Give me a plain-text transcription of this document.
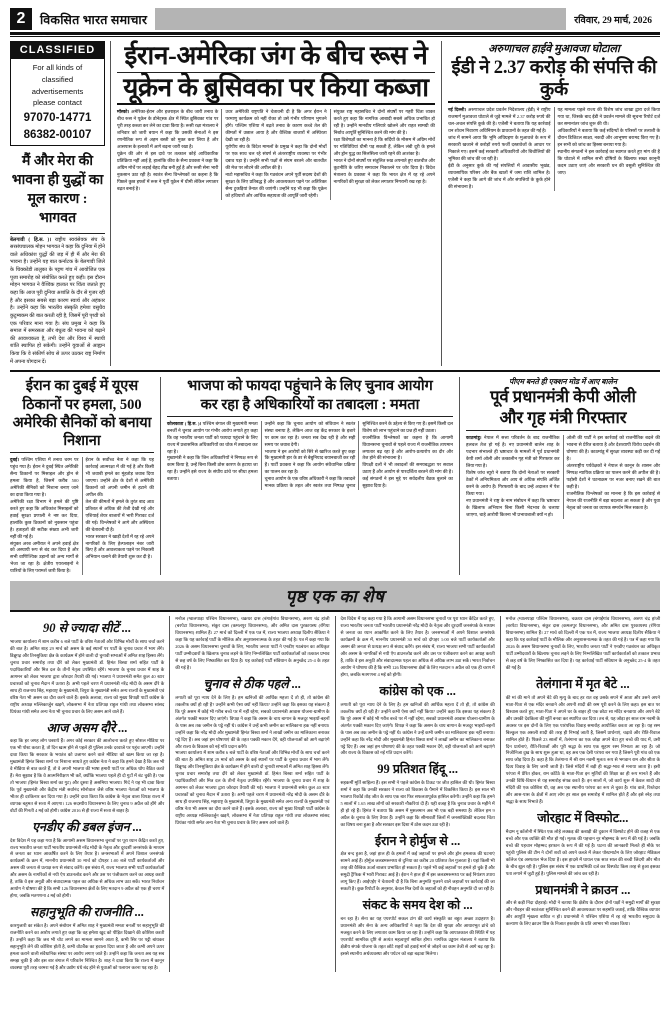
2	विकसित भारत समाचार	रविवार, 29 मार्च, 2026
CLASSIFIED
For all kinds of
classified
advertisements
please contact
97070-14771
86382-00107
मैं और मेरा की भावना ही युद्धों का मूल कारण : भागवत
बेलगावी ( हि.स. )। राष्ट्रीय स्वयंसेवक संघ के सरसंघचालक मोहन भागवत ने कहा कि दुनिया में होने वाले अधिकांश युद्धों की जड़ में ही मैं और मेरा की भावना है। उन्होंने यह बात कर्नाटक के बेलगावी जिले के चिक्कोडी तालुका के पट्टण गांव में आयोजित एक पूजा समारोह को संबोधित करते हुए कही। इस दौरान मोहन भागवत ने वैश्विक हालात पर चिंता जताते हुए कहा कि आज पूरी दुनिया अशांति के दौर से गुजर रही है और इसका सबसे बड़ा कारण स्वार्थ और अहंकार है। उन्होंने कहा कि भारतीय संस्कृति हमेशा वसुधैव कुटुम्बकम की बात करती रही है, जिसमें पूरी पृथ्वी को एक परिवार माना गया है। संघ प्रमुख ने कहा कि समाज में समरसता और बंधुत्व की भावना को बढ़ाने की आवश्यकता है, तभी देश और विश्व में स्थायी शांति स्थापित हो सकेगी। उन्होंने युवाओं से आह्वान किया कि वे संकीर्ण सोच से ऊपर उठकर राष्ट्र निर्माण में अपना योगदान दें।
ईरान-अमेरिका जंग के बीच रूस ने
यूक्रेन के ब्रुसिवका पर किया कब्जा

मॉस्को। अमेरिका-ईरान और इजराइल के बीच जारी तनाव के बीच रूस ने यूक्रेन के डोनेट्स्क क्षेत्र में स्थित ब्रुसिवका गांव पर पूरी तरह कब्जा कर लेने का दावा किया है। रूसी रक्षा मंत्रालय ने शनिवार को जारी बयान में कहा कि उसकी सेनाओं ने इस रणनीतिक रूप से अहम बस्ती को मुक्त करा लिया है और आसपास के इलाकों में आगे बढ़ना जारी रखा है।

यूक्रेन की ओर से इस दावे पर तत्काल कोई आधिकारिक प्रतिक्रिया नहीं आई है, हालांकि कीव के सैन्य प्रवक्ता ने कहा कि अग्रिम मोर्चे पर लड़ाई बेहद तीव्र बनी हुई है और रूसी सेना भारी नुकसान उठा रही है। स्वतंत्र सैन्य विश्लेषकों का कहना है कि पिछले कुछ हफ्तों में रूस ने पूर्वी यूक्रेन में धीमी लेकिन लगातार बढ़त बनाई है।

उधर अमेरिकी राष्ट्रपति ने चेतावनी दी है कि अगर ईरान ने परमाणु कार्यक्रम को नहीं रोका तो उसे गंभीर परिणाम भुगतने होंगे। पश्चिम एशिया में बढ़ते तनाव के कारण कच्चे तेल की कीमतों में उछाल आया है और वैश्विक बाजारों में अस्थिरता देखी जा रही है।

यूरोपीय संघ के विदेश मामलों के प्रमुख ने कहा कि दोनों मोर्चों पर एक साथ चल रहे संघर्ष से अंतरराष्ट्रीय व्यवस्था पर गंभीर दबाव पड़ा है। उन्होंने सभी पक्षों से संयम बरतने और बातचीत की मेज पर लौटने की अपील की है।

नाटो महासचिव ने कहा कि गठबंधन अपने पूर्वी सदस्य देशों की सुरक्षा के लिए प्रतिबद्ध है और आवश्यकता पड़ने पर अतिरिक्त सैन्य टुकड़ियां तैनात की जाएंगी। उन्होंने यह भी कहा कि यूक्रेन को हथियारों और आर्थिक सहायता की आपूर्ति जारी रहेगी।

संयुक्त राष्ट्र महासचिव ने दोनों संघर्षों पर गहरी चिंता व्यक्त करते हुए कहा कि नागरिक आबादी सबसे अधिक प्रभावित हो रही है। उन्होंने मानवीय गलियारे खोलने और राहत सामग्री की निर्बाध आपूर्ति सुनिश्चित करने की मांग की है।

रक्षा विशेषज्ञों का मानना है कि सर्दियों के मौसम में अग्रिम मोर्चे पर गतिविधियां धीमी पड़ सकती हैं, लेकिन लंबी दूरी के हमले और ड्रोन युद्ध का सिलसिला जारी रहने की आशंका है।

भारत ने दोनों संघर्षों पर संतुलित रुख अपनाते हुए बातचीत और कूटनीति के जरिए समाधान निकालने पर जोर दिया है। विदेश मंत्रालय के प्रवक्ता ने कहा कि भारत क्षेत्र में रह रहे अपने नागरिकों की सुरक्षा को लेकर लगातार निगरानी रख रहा है।

अरुणाचल हाईवे मुआवजा घोटाला
ईडी ने 2.37 करोड़ की संपत्ति की कुर्क

नई दिल्ली। अरुणाचल प्रदेश प्रवर्तन निदेशालय (ईडी) ने राष्ट्रीय राजमार्ग मुआवजा घोटाले से जुड़े मामले में 2.37 करोड़ रुपये की चल-अचल संपत्ति कुर्क की है। एजेंसी ने बताया कि यह कार्रवाई धन शोधन निवारण अधिनियम के प्रावधानों के तहत की गई है।

जांच में सामने आया कि भूमि अधिग्रहण के मुआवजे के रूप में सरकारी खजाने से करोड़ों रुपये फर्जी दस्तावेजों के आधार पर निकाले गए। इसमें कई सरकारी अधिकारियों और बिचौलियों की भूमिका की जांच की जा रही है।

ईडी के अनुसार कुर्क की गई संपत्तियों में आवासीय भूखंड, व्यावसायिक परिसर और बैंक खातों में जमा राशि शामिल है। एजेंसी ने कहा कि आगे की जांच में और संपत्तियों के कुर्क होने की संभावना है।

यह मामला पहले राज्य की विशेष जांच शाखा द्वारा दर्ज किया गया था, जिसके बाद ईडी ने प्रवर्तन मामले की सूचना रिपोर्ट दर्ज कर समानांतर जांच शुरू की थी।

अधिकारियों ने बताया कि कई संदिग्धों के परिसरों पर तलाशी के दौरान डिजिटल साक्ष्य, नकदी और आभूषण बरामद किए गए हैं। इन सभी को जांच का हिस्सा बनाया गया है।

स्थानीय संगठनों ने इस कार्रवाई का स्वागत करते हुए मांग की है कि घोटाले में शामिल सभी दोषियों के खिलाफ सख्त कानूनी कदम उठाए जाएं और सरकारी धन की वसूली सुनिश्चित की जाए।

ईरान का दुबई में यूएस ठिकानों पर हमला, 500 अमेरिकी सैनिकों को बनाया निशाना

दुबई। पश्चिम एशिया में तनाव चरम पर पहुंच गया है। ईरान ने दुबई स्थित अमेरिकी सैन्य ठिकानों पर मिसाइल और ड्रोन से हमला किया है, जिसमें करीब 500 अमेरिकी सैनिकों को निशाना बनाए जाने का दावा किया गया है।

अमेरिकी रक्षा विभाग ने हमले की पुष्टि करते हुए कहा कि अधिकांश मिसाइलों को हवाई सुरक्षा प्रणाली ने नष्ट कर दिया, हालांकि कुछ ठिकानों को नुकसान पहुंचा है। हताहतों की सटीक संख्या अभी जारी नहीं की गई है।

संयुक्त अरब अमीरात ने अपने हवाई क्षेत्र को अस्थायी रूप से बंद कर दिया है और सभी वाणिज्यिक उड़ानों को अन्य मार्गों से भेजा जा रहा है। क्षेत्रीय एयरलाइनों ने यात्रियों के लिए परामर्श जारी किया है।

ईरान के सर्वोच्च नेता ने कहा कि यह कार्रवाई आत्मरक्षा में की गई है और किसी भी जवाबी हमले का मुंहतोड़ जवाब दिया जाएगा। उन्होंने क्षेत्र के देशों से अमेरिकी ठिकानों को अपनी जमीन से हटाने की अपील की।

तेल की कीमतों में हमले के तुरंत बाद आठ प्रतिशत से अधिक की तेजी देखी गई और एशियाई शेयर बाजारों में भारी गिरावट दर्ज की गई। विश्लेषकों ने आगे और अस्थिरता की चेतावनी दी है।

भारत सरकार ने खाड़ी देशों में रह रहे अपने नागरिकों के लिए हेल्पलाइन नंबर जारी किए हैं और आवश्यकता पड़ने पर निकासी अभियान चलाने की तैयारी शुरू कर दी है।

भाजपा को फायदा पहुंचाने के लिए चुनाव आयोग
कर रहा है अधिकारियों का तबादला : ममता

कोलकाता ( हि.स. )। पश्चिम बंगाल की मुख्यमंत्री ममता बनर्जी ने चुनाव आयोग पर गंभीर आरोप लगाते हुए कहा कि वह भारतीय जनता पार्टी को फायदा पहुंचाने के लिए राज्य में प्रशासनिक अधिकारियों का थोक में तबादला कर रहा है।

मुख्यमंत्री ने कहा कि जिन अधिकारियों ने निष्पक्ष रूप से काम किया है, उन्हें बिना किसी ठोस कारण के हटाया जा रहा है। उन्होंने इसे राज्य के संघीय ढांचे पर सीधा हमला बताया।

उन्होंने कहा कि चुनाव आयोग को संविधान ने स्वतंत्र संस्था बनाया है, लेकिन आज वह केंद्र सरकार के इशारे पर काम कर रहा है। जनता सब देख रही है और सही समय पर जवाब देगी।

भाजपा ने इन आरोपों को सिरे से खारिज करते हुए कहा कि मुख्यमंत्री हार के डर से बेबुनियाद बयानबाजी कर रही हैं। पार्टी प्रवक्ता ने कहा कि आयोग संवैधानिक प्रक्रिया का पालन कर रहा है।

चुनाव आयोग के एक वरिष्ठ अधिकारी ने कहा कि तबादले मानक प्रक्रिया के तहत और स्वतंत्र तथा निष्पक्ष चुनाव सुनिश्चित करने के उद्देश्य से किए गए हैं। इसमें किसी दल विशेष को लाभ पहुंचाने का प्रश्न ही नहीं उठता।

राजनीतिक विश्लेषकों का कहना है कि आगामी विधानसभा चुनावों से पहले राज्य में राजनीतिक तापमान लगातार बढ़ रहा है और आरोप-प्रत्यारोप का दौर और तेज होने की संभावना है।

विपक्षी दलों ने भी तबादलों की समयबद्धता पर सवाल उठाए हैं और आयोग से पारदर्शिता बरतने की मांग की है। कई संगठनों ने इस मुद्दे पर सर्वदलीय बैठक बुलाने का सुझाव दिया है।

पीएम बनते ही एक्शन मोड में आए बालेन
पूर्व प्रधानमंत्री केपी ओली
और गृह मंत्री गिरफ्तार

काठमांडू। नेपाल में सत्ता परिवर्तन के बाद राजनीतिक हलचल तेज हो गई है। नए प्रधानमंत्री बालेन शाह के पदभार संभालते ही भ्रष्टाचार के मामलों में पूर्व प्रधानमंत्री केपी शर्मा ओली और तत्कालीन गृह मंत्री को गिरफ्तार कर लिया गया है।

विशेष जांच ब्यूरो ने बताया कि दोनों नेताओं पर सरकारी ठेकों में अनियमितता और आय से अधिक संपत्ति अर्जित करने के आरोप हैं। गिरफ्तारी के बाद उन्हें अदालत में पेश किया गया।

नए प्रधानमंत्री ने राष्ट्र के नाम संबोधन में कहा कि भ्रष्टाचार के खिलाफ अभियान बिना किसी भेदभाव के चलाया जाएगा, चाहे आरोपी कितना भी प्रभावशाली क्यों न हो।

ओली की पार्टी ने इस कार्रवाई को राजनीतिक बदले की भावना से प्रेरित बताया है और देशव्यापी विरोध प्रदर्शन की घोषणा की है। काठमांडू में सुरक्षा व्यवस्था कड़ी कर दी गई है।

अंतरराष्ट्रीय पर्यवेक्षकों ने नेपाल से कानून के शासन और निष्पक्ष न्यायिक प्रक्रिया का पालन करने की अपील की है। पड़ोसी देशों ने घटनाक्रम पर नजर बनाए रखने की बात कही है।

राजनीतिक विश्लेषकों का मानना है कि इस कार्रवाई से नेपाल की राजनीति में बड़ा बदलाव आ सकता है और युवा नेतृत्व को जनता का व्यापक समर्थन मिल सकता है।

पृष्ठ एक का शेष
90 से ज्यादा सीटें ...

भाजपा कार्यालय में शाम करीब 6 बजे पार्टी के वरिष्ठ नेताओं और विभिन्न मोर्चों के साथ चर्चा करने की बात है। अमित शाह 29 मार्च को असम के कई स्थानों पर पार्टी के चुनाव प्रचार में भाग लेंगे। डिब्रूगढ़ और तिनसुकिया क्षेत्र के कार्यक्रम में होने वाली दो चुनावी सभाओं में अमित शाह हिस्सा लेंगे। चुनाव प्रचार समारोह तथा दौरे को लेकर मुख्यमंत्री डॉ. हिमंत बिस्वा शर्मा सहित पार्टी के पदाधिकारियों और मित्र दल के तीनों नेतृत्व उपस्थित रहेंगे। भाजपा के चुनाव प्रचार में शाह के आगमन को लेकर भाजपा द्वारा जोरदार तैयारी की गई। भाजपा ने प्रधानमंत्री समेत कुल 40 स्टार प्रचारकों को चुनाव मैदान में उतारा है। अभी पहले चरण में प्रधानमंत्री नरेंद्र मोदी के असम दौरे के साथ ही राजनाथ सिंह, महाराष्ट्र के मुख्यमंत्री, त्रिपुरा के मुख्यमंत्री समेत अन्य राज्यों के मुख्यमंत्री एवं वरिष्ठ नेता भी असम का दौरा करने वाले हैं। इसके अलावा, राज्य को मुख्य विपक्षी पार्टी कांग्रेस के राष्ट्रीय अध्यक्ष मल्लिकार्जुन खड़गे, लोकसभा में नेता प्रतिपक्ष राहुल गांधी तथा लोकसभा सांसद प्रियंका गांधी समेत अन्य नेता भी चुनाव प्रचार के लिए असम आने वाले हैं।

आज असम दौरे ...

कहा कि हर जगह लोग घबराये हैं। अगर कोई सरकार की आलोचना करते हुए सोशल मीडिया पर एक भी पोस्ट करता है, तो दिन खत्म होने से पहले ही पुलिस उनके दरवाजे पर पहुंच जाएगी। उन्होंने दावा किया कि सरकार के भयतंत्र को उजागर करने वाले मीडिया को खत्म किया जा रहा है। मुख्यमंत्री हिमंत बिस्वा शर्मा पर निशाना साधते हुए कांग्रेस नेता ने कहा कि हमने देखा है कि जब भी वे मीडिया से बात करते हैं, तो वे अपनी भाजपा की भाषा हमारी पार्टी पर अधिक थोप बैठित करते हैं। मेरा सुझाव है कि वे आत्मनिरीक्षण भी करें, क्योंकि भाजपा पहले ही दो गुटों में बंट चुकी है। एक तो भाजपा (हिमंत बिस्वा शर्मा का गुट) और दूसरा है असमिया भाजपा। गिर्द ने यह भी दावा किया कि पूर्व मुख्यमंत्री और केंद्रीय मंत्री सर्वानंद सोनोवाल जैसे वरिष्ठ भाजपा नेताओं को भाजपा के भीतर ही दरकिनार कर दिया गया है। उन्होंने दावा किया कि कांग्रेस के नेतृत्व वाला विपक्ष राज्य में व्यापक बहुमत से सत्ता में आएगा। 126 सदस्यीय विधानसभा के लिए चुनाव 9 अप्रैल को होंगे और वोटों की गिनती 4 मई को होगी। कांग्रेस 2016 से ही राज्य में सत्ता से बाहर है।

एनडीए की डबल इंजन ...

देश विदेश में यह कहा गया है कि आगामी असम विधानसभा चुनावों पर पूरा ध्यान केंद्रित करते हुए, राज्य भारतीय जनता पार्टी भारतीय प्रधानमंत्री नरेंद्र मोदी के नेतृत्व और दूरदर्शी जनसंपर्क के माध्यम से जनता का ध्यान आकर्षित करने के लिए तैयार है। जनसभाओं में अपने विशाल जनसंपर्क कार्यक्रमों के क्रम में, माननीय प्रधानमंत्री 30 मार्च को दोपहर 1:00 बजे पार्टी कार्यकर्ताओं और असम की जनता से प्रत्यक्ष रूप से संवाद करेंगे। इस संबंध में, राज्य भाजपा सभी पार्टी कार्यकर्ताओं और असम के नागरिकों से नयी ऐप डाउनलोड करने और उस पर पंजीकरण करने का आग्रह करती है, ताकि वे इस अनूठी और संवादात्मक पहल का अधिक से अधिक लाभ उठा सकें। भारत निर्वाचन आयोग ने घोषणा की है कि सभी 126 विधानसभा क्षेत्रों के लिए मतदान 9 अप्रैल को एक ही चरण में होगा, जबकि मतगणना 4 मई को होगी।

सहानुभूति की राजनीति ...

कारगुजारी का संकेत है। अपने संबोधन में अमित शाह ने मुख्यमंत्री ममता बनर्जी पर सहानुभूति की राजनीति करने का आरोप लगाते हुए कहा कि वह हमेशा खुद को पीड़ित दिखाने की कोशिश करती हैं। उन्होंने कहा कि जब भी चोट लगने का मामला सामने आता है, कभी सिर पर पट्टी बांधकर सहानुभूति लेने की कोशिश होती है, कभी वोटबैंक का हवाला दिया जाता है और कभी अपने ऊपर हमला कराने वाली संवैधानिक संस्था पर आरोप लगाए जाते हैं। उन्होंने कहा कि जनता अब यह सब समझ चुकी है और इस बार बंगाल में परिवर्तन निश्चित है। शाह ने दावा किया कि राज्य में कानून व्यवस्था पूरी तरह चरमरा गई है और उद्योग धंधे बंद होने से युवाओं को पलायन करना पड़ रहा है।

मनोज (ग्वालपाड़ा पश्चिम विधानसभा), चक्रधर दास (बंगाईगांव विधानसभा), अरुण चंद्र हांजी (बरपेटा विधानसभा), संकुर दास (कमलपुर विधानसभा), और अमित दास पुरकायस्थ (रंगिया विधानसभा) शामिल हैं। 27 मार्च को दिल्ली में एक पत्र में, राज्य भाजपा अध्यक्ष दिलीप सैकिया ने कहा कि यह कार्रवाई पार्टी के मौलिक और अनुशासनात्मक के तहत की गई है। पत्र में कहा गया कि 2026 के असम विधानसभा चुनावों के लिए, भारतीय जनता पार्टी ने एनडीए गठबंधन का अधिकृत पार्टी उम्मीदवारों के खिलाफ चुनाव लड़ने के लिए निम्नलिखित पार्टी कार्यकर्ताओं को तत्काल प्रभाव से छह वर्ष के लिए निष्कासित कर दिया है। यह कार्रवाई पार्टी संविधान के अनुच्छेद 25-4 के तहत की गई है।

चुनाव से ठीक पहले ...

लगाती को पूरा न्याय देने के लिए है। हम खनिजों की आर्थिक महत्ता दें तो ही, तो कांग्रेस की तकलीफ क्यों हो रही है? उन्होंने कभी ऐसा क्यों नहीं किया? उन्होंने कहा कि इसका यह संकल्प है कि पूरे असम में कोई भी गरीब बच्चे पर में नहीं रहेगा, सबको प्रधानमंत्री आवास योजना-ग्रामीण के अंतर्गत पक्की मकान दिए जाएंगे। विपक्ष ने कहा कि असम के चाय बागान के मजदूर भाइयों-बहनों के पास अब तक जमीन के पट्टे नहीं थे। कांग्रेस ने उन्हें कभी जमीन का मालिकाना हक नहीं बनाया। उन्होंने कहा कि नरेंद्र मोदी और मुख्यमंत्री हिमंत बिस्वा शर्मा ने लाखों जमीन का मालिकाना बनाकर पट्टे दिए हैं। अब जहां हम घोषणाएं की के तहत पक्की मकान देंगे, वही योजनाओं को आगे बढ़ाएंगे और राज्य के विकास को नई गति प्रदान करेंगे।

भाजपा कार्यालय में शाम करीब 6 बजे पार्टी के वरिष्ठ नेताओं और विभिन्न मोर्चों के साथ चर्चा करने की बात है। अमित शाह 29 मार्च को असम के कई स्थानों पर पार्टी के चुनाव प्रचार में भाग लेंगे। डिब्रूगढ़ और तिनसुकिया क्षेत्र के कार्यक्रम में होने वाली दो चुनावी सभाओं में अमित शाह हिस्सा लेंगे। चुनाव प्रचार समारोह तथा दौरे को लेकर मुख्यमंत्री डॉ. हिमंत बिस्वा शर्मा सहित पार्टी के पदाधिकारियों और मित्र दल के तीनों नेतृत्व उपस्थित रहेंगे। भाजपा के चुनाव प्रचार में शाह के आगमन को लेकर भाजपा द्वारा जोरदार तैयारी की गई। भाजपा ने प्रधानमंत्री समेत कुल 40 स्टार प्रचारकों को चुनाव मैदान में उतारा है। अभी पहले चरण में प्रधानमंत्री नरेंद्र मोदी के असम दौरे के साथ ही राजनाथ सिंह, महाराष्ट्र के मुख्यमंत्री, त्रिपुरा के मुख्यमंत्री समेत अन्य राज्यों के मुख्यमंत्री एवं वरिष्ठ नेता भी असम का दौरा करने वाले हैं। इसके अलावा, राज्य को मुख्य विपक्षी पार्टी कांग्रेस के राष्ट्रीय अध्यक्ष मल्लिकार्जुन खड़गे, लोकसभा में नेता प्रतिपक्ष राहुल गांधी तथा लोकसभा सांसद प्रियंका गांधी समेत अन्य नेता भी चुनाव प्रचार के लिए असम आने वाले हैं।

देश विदेश में यह कहा गया है कि आगामी असम विधानसभा चुनावों पर पूरा ध्यान केंद्रित करते हुए, राज्य भारतीय जनता पार्टी भारतीय प्रधानमंत्री नरेंद्र मोदी के नेतृत्व और दूरदर्शी जनसंपर्क के माध्यम से जनता का ध्यान आकर्षित करने के लिए तैयार है। जनसभाओं में अपने विशाल जनसंपर्क कार्यक्रमों के क्रम में, माननीय प्रधानमंत्री 30 मार्च को दोपहर 1:00 बजे पार्टी कार्यकर्ताओं और असम की जनता से प्रत्यक्ष रूप से संवाद करेंगे। इस संबंध में, राज्य भाजपा सभी पार्टी कार्यकर्ताओं और असम के नागरिकों से नयी ऐप डाउनलोड करने और उस पर पंजीकरण करने का आग्रह करती है, ताकि वे इस अनूठी और संवादात्मक पहल का अधिक से अधिक लाभ उठा सकें। भारत निर्वाचन आयोग ने घोषणा की है कि सभी 126 विधानसभा क्षेत्रों के लिए मतदान 9 अप्रैल को एक ही चरण में होगा, जबकि मतगणना 4 मई को होगी।

कांग्रेस को एक ...

लगाती को पूरा न्याय देने के लिए है। हम खनिजों की आर्थिक महत्ता दें तो ही, तो कांग्रेस की तकलीफ क्यों हो रही है? उन्होंने कभी ऐसा क्यों नहीं किया? उन्होंने कहा कि इसका यह संकल्प है कि पूरे असम में कोई भी गरीब बच्चे पर में नहीं रहेगा, सबको प्रधानमंत्री आवास योजना-ग्रामीण के अंतर्गत पक्की मकान दिए जाएंगे। विपक्ष ने कहा कि असम के चाय बागान के मजदूर भाइयों-बहनों के पास अब तक जमीन के पट्टे नहीं थे। कांग्रेस ने उन्हें कभी जमीन का मालिकाना हक नहीं बनाया। उन्होंने कहा कि नरेंद्र मोदी और मुख्यमंत्री हिमंत बिस्वा शर्मा ने लाखों जमीन का मालिकाना बनाकर पट्टे दिए हैं। अब जहां हम घोषणाएं की के तहत पक्की मकान देंगे, वही योजनाओं को आगे बढ़ाएंगे और राज्य के विकास को नई गति प्रदान करेंगे।

99 प्रतिशत हिंदू ...

सहकर्मी मूर्ति साहिल्य हैं। इस सभी ने पहले कांग्रेस के टिकट पर जीत हासिल की थी। हिमंत बिस्वा शर्मा ने कहा कि उनकी सरकार ने राज्य को विकास के पैमाने में विकसित किया है। इस साल भी भाजपा रिकॉर्ड तोड़ जीत के साथ एक बार फिर सफलतापूर्वक हासिल करेगी। उन्होंने कहा कि हमने 5 सालों में 1.65 लाख लोगों को सरकारी नौकरियां दी हैं। यही वजह है कि चुनाव प्रचार के महीने में ही हो रहे हैं। हिमंत ने बताया कि असम में मुसलमान अब भी एक बड़ी समस्या है। लेकिन हम 9 अप्रैल के चुनाव के लिए तैयार हैं। उन्होंने कहा कि सीमावर्ती जिलों में जनसांख्यिकी बदलाव चिंता का विषय बना हुआ है और सरकार इस दिशा में ठोस कदम उठा रही है।

ईरान ने होर्मुज से ...

क्षेत्र बन्द हुआ है, जहां हाल ही के हमलों में कई जहाजों पर हमले और ड्रोन हमलाक की घटनाएं सामने आई हैं। होर्मुज जलडमरूमध्य से दुनिया का करीब 20 प्रतिशत तेल गुजरता है। यहां किसी भी तरह की वैश्विक ऊर्जा बाजार प्रभावित हो सकता है। पहले भी कई जहाजों पर हमले हो चुके हैं और समुद्री ट्रैफिक में भारी गिरावट आई है। ईरान ने हाल ही में इस जलडमरूमध्य पर कई नियंत्रण उपाय लागू किए हैं। आईएईए ने चेतावनी दी है कि बिना अनुमति गुजरने वाले जहाजों पर कार्रवाई की जा सकती है। कुछ रिपोर्टों के अनुसार, केवल मित्र देशों के जहाजों को ही नौवहन अनुमति दी जा रही है।

संकट के समय देश को ...

बन रहा है। सेना का यह एयरपोर्ट सकल टांग की कार्य संस्कृति का बहुत अच्छा उदाहरण है। प्रधानमंत्री और सेना के अन्य अधिकारियों ने कहा कि देश की सुरक्षा और आधारभूत ढांचे को मजबूत करने के लिए लगातार काम किया जा रहा है। उन्होंने कहा कि आपातकाल की स्थिति में यह एयरपोर्ट सामरिक दृष्टि से अत्यंत महत्वपूर्ण साबित होगा। नागरिक उड्डयन मंत्रालय ने बताया कि क्षेत्रीय संपर्क योजना के तहत छोटे शहरों को हवाई मार्ग से जोड़ने का काम तेजी से आगे बढ़ रहा है। इससे स्थानीय अर्थव्यवस्था और पर्यटन को बड़ा बढ़ावा मिलेगा।

मनोज (ग्वालपाड़ा पश्चिम विधानसभा), चक्रधर दास (बंगाईगांव विधानसभा), अरुण चंद्र हांजी (बरपेटा विधानसभा), संकुर दास (कमलपुर विधानसभा), और अमित दास पुरकायस्थ (रंगिया विधानसभा) शामिल हैं। 27 मार्च को दिल्ली में एक पत्र में, राज्य भाजपा अध्यक्ष दिलीप सैकिया ने कहा कि यह कार्रवाई पार्टी के मौलिक और अनुशासनात्मक के तहत की गई है। पत्र में कहा गया कि 2026 के असम विधानसभा चुनावों के लिए, भारतीय जनता पार्टी ने एनडीए गठबंधन का अधिकृत पार्टी उम्मीदवारों के खिलाफ चुनाव लड़ने के लिए निम्नलिखित पार्टी कार्यकर्ताओं को तत्काल प्रभाव से छह वर्ष के लिए निष्कासित कर दिया है। यह कार्रवाई पार्टी संविधान के अनुच्छेद 25-4 के तहत की गई है।

तेलंगाना में मृत बेटे ...

की मां की माने तो अपने बेटे की मृत्यु के बाद हर रात वह उसके सपने में आता और उसने अपने माता-पिता से एक मंदिर बनवाने और अपनी शादी की रस्म पूरी करने के लिए कहा। इस बात पर विश्वास करते हुए, माता-पिता ने अपने घर के बाहर ही एक छोटा सा मंदिर बनवाया और अपने बेटे और उसकी देवकिला की मूर्ति बनवा कर स्थापित कर दिया। तब से, यह जोड़ा हर साल राम नवमी के अवसर पर इस दोनों के लिए एक पारंपरिक विवाह समारोह आयोजित करता आ रहा है। यह रस्म बिल्कुल एक असली शादी की तरह ही निभाई जाती है, जिसमें प्रार्थनाएं, चढ़ावे और रीति-रिवाज शामिल होते हैं। पिछले 23 सालों में, तेलंगाना का एक जोड़ा अपने बेटा हुए बच्चे की याद में, उसी दिन प्रार्थनाएं, रीति-रिवाजों और पूरी श्रद्धा के साथ एक सुहाग रस्म निभाता आ रहा है। जो निजीनिजा दुख के साथ शुरू हुआ था, वह अब एक देसी परंपरा बन गया है जिसने पूरी गांव को एक साथ जोड़ दिया है। कहा है कि तेलंगाना में श्री राम नवमी मूलतः रूप से भगवान राम और सीता के दिव्य विवाह के लिए जानी जाती है। जिसे मंदिरों में बड़ी ही श्रद्धा-भाव से मनाया जाता है। इसी परंपरा में प्रेरित होकर, राम कोटैठे के माता-पिता इन मूर्तियों की शिक्षा का ही रूप मानते हैं और उनकी विधि-विधान से यह समारोह संपन्न करते हैं। इन सालों में, जो कार्य शुरू में केवल शादी की मंदिरी की एक कोशिश थी, वह अब एक स्थानीय परंपरा का रूप ले चुका है। गांव वाले, रिश्तेदार और आस-पास के क्षेत्रों में आए लोग हर साल इस समारोह में शामिल होते हैं और इसे स्नेह तथा श्रद्धा के साथ निभाते हैं।

जोरहाट में विस्फोट...

मैदाम नू कॉलोनी में स्थित एक लोहे लक्कड़ की कबाड़ी की दुकान में विस्फोट होने की वजह से एक बच्चे और एक व्यक्ति की मौत हो गई। मृतक की पहचान नूर मोहम्मद के रूप में की गई है। जबकि बच्चे की पहचान मोहम्मद इरफान के रूप में की गई है। घटना की जानकारी मिलते ही मौके पर पहुंची पुलिस की टीम ने दोनों शवों को अपने कब्जे में लेकर पोस्टमार्टम के लिए जोरहाट मेडिकल कॉलेज एंड अस्पताल भेज दिया है। इस हादसे में घायल एक सात साल की बच्ची जिंदगी और मौत के बीच झूल रही है। पुलिस इस संबंध में एक प्राथमिकी दर्ज कर विस्फोट किस तरह से हुआ इसका पता लगाने में जुटी हुई है। पुलिस मामले की जांच कर रही है।

प्रधानमंत्री ने क्राउन ...

और से कड़ी निंदा दोहराई। मोदी ने बताया कि क्षेत्रीय के दौरान दोनों पक्षों ने समुद्री मार्गों की सुरक्षा और नौवहन की स्वतंत्रता सुनिश्चित करने की आवश्यकता पर सहमति जताई, ताकि वैश्विक व्यापार और आपूर्ति शृंखला बाधित न हो। प्रधानमंत्री ने पश्चिम एशिया में रह रहे भारतीय समुदाय के कल्याण के लिए क्राउन प्रिंस के निजात हस्तक्षेप के प्रति आभार भी व्यक्त किया।
